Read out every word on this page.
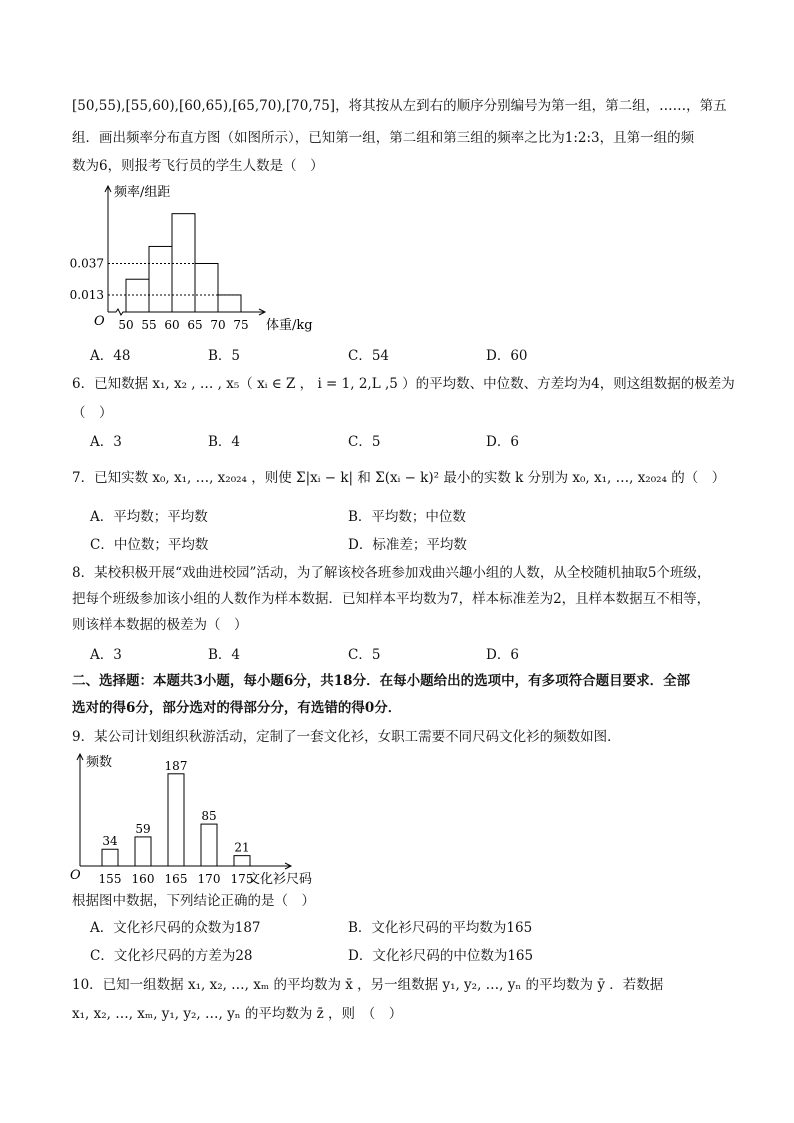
[50,55),[55,60),[60,65),[65,70),[70,75]，将其按从左到右的顺序分别编号为第一组，第二组，……，第五
组．画出频率分布直方图（如图所示），已知第一组，第二组和第三组的频率之比为1:2:3，且第一组的频
数为6，则报考飞行员的学生人数是（　）
频率/组距
体重/kg
O
0.037
0.013
50 55 60 65 70 75
A．48	B．5	C．54	D．60
6．已知数据 x₁, x₂ , … , x₅（ xᵢ ∈ Z ， i = 1, 2,L ,5 ）的平均数、中位数、方差均为4，则这组数据的极差为
（　）
A．3	B．4	C．5	D．6
7．已知实数 x₀, x₁, …, x₂₀₂₄ ，则使 Σ|xᵢ − k| 和 Σ(xᵢ − k)² 最小的实数 k 分别为 x₀, x₁, …, x₂₀₂₄ 的（　）
A．平均数；平均数	B．平均数；中位数
C．中位数；平均数	D．标准差；平均数
8．某校积极开展“戏曲进校园”活动，为了解该校各班参加戏曲兴趣小组的人数，从全校随机抽取5个班级，
把每个班级参加该小组的人数作为样本数据．已知样本平均数为7，样本标准差为2，且样本数据互不相等，
则该样本数据的极差为（　）
A．3	B．4	C．5	D．6
二、选择题：本题共3小题，每小题6分，共18分．在每小题给出的选项中，有多项符合题目要求．全部
选对的得6分，部分选对的得部分分，有选错的得0分．
9．某公司计划组织秋游活动，定制了一套文化衫，女职工需要不同尺码文化衫的频数如图．
频数
文化衫尺码
O
34
155
59
160
187
165
85
170
21
175
根据图中数据，下列结论正确的是（　）
A．文化衫尺码的众数为187	B．文化衫尺码的平均数为165
C．文化衫尺码的方差为28	D．文化衫尺码的中位数为165
10．已知一组数据 x₁, x₂, …, xₘ 的平均数为 x̄ ，另一组数据 y₁, y₂, …, yₙ 的平均数为 ȳ ．若数据
x₁, x₂, …, xₘ, y₁, y₂, …, yₙ 的平均数为 z̄ ，则　（　）
